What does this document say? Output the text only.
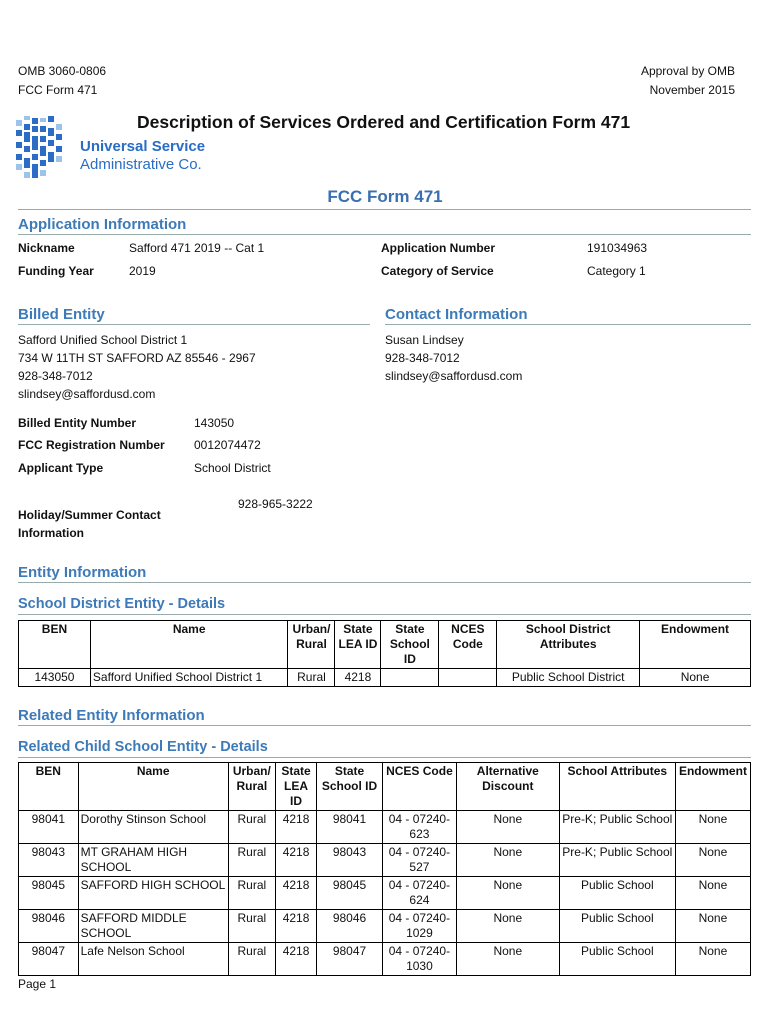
OMB 3060-0806
FCC Form 471
Approval by OMB
November 2015
Description of Services Ordered and Certification Form 471
Universal Service
Administrative Co.
FCC Form 471
Application Information
Nickname	Safford 471 2019 -- Cat 1	Application Number	191034963
Funding Year	2019	Category of Service	Category 1
Billed Entity	Contact Information
Safford Unified School District 1
734 W 11TH ST SAFFORD AZ 85546 - 2967
928-348-7012
slindsey@saffordusd.com
Susan Lindsey
928-348-7012
slindsey@saffordusd.com
Billed Entity Number	143050
FCC Registration Number 0012074472
Applicant Type	School District
928-965-3222
Holiday/Summer Contact
Information
Entity Information
School District Entity - Details
BEN	Name	Urban/ Rural	State LEA ID	State School ID	NCES Code	School District Attributes	Endowment
143050	Safford Unified School District 1	Rural	4218			Public School District	None
Related Entity Information
Related Child School Entity - Details
BEN	Name	Urban/ Rural	State LEA ID	State School ID	NCES Code	Alternative Discount	School Attributes	Endowment
98041	Dorothy Stinson School	Rural	4218	98041	04 - 07240- 623	None	Pre-K; Public School	None
98043	MT GRAHAM HIGH SCHOOL	Rural	4218	98043	04 - 07240- 527	None	Pre-K; Public School	None
98045	SAFFORD HIGH SCHOOL	Rural	4218	98045	04 - 07240- 624	None	Public School	None
98046	SAFFORD MIDDLE SCHOOL	Rural	4218	98046	04 - 07240- 1029	None	Public School	None
98047	Lafe Nelson School	Rural	4218	98047	04 - 07240- 1030	None	Public School	None
Page 1
